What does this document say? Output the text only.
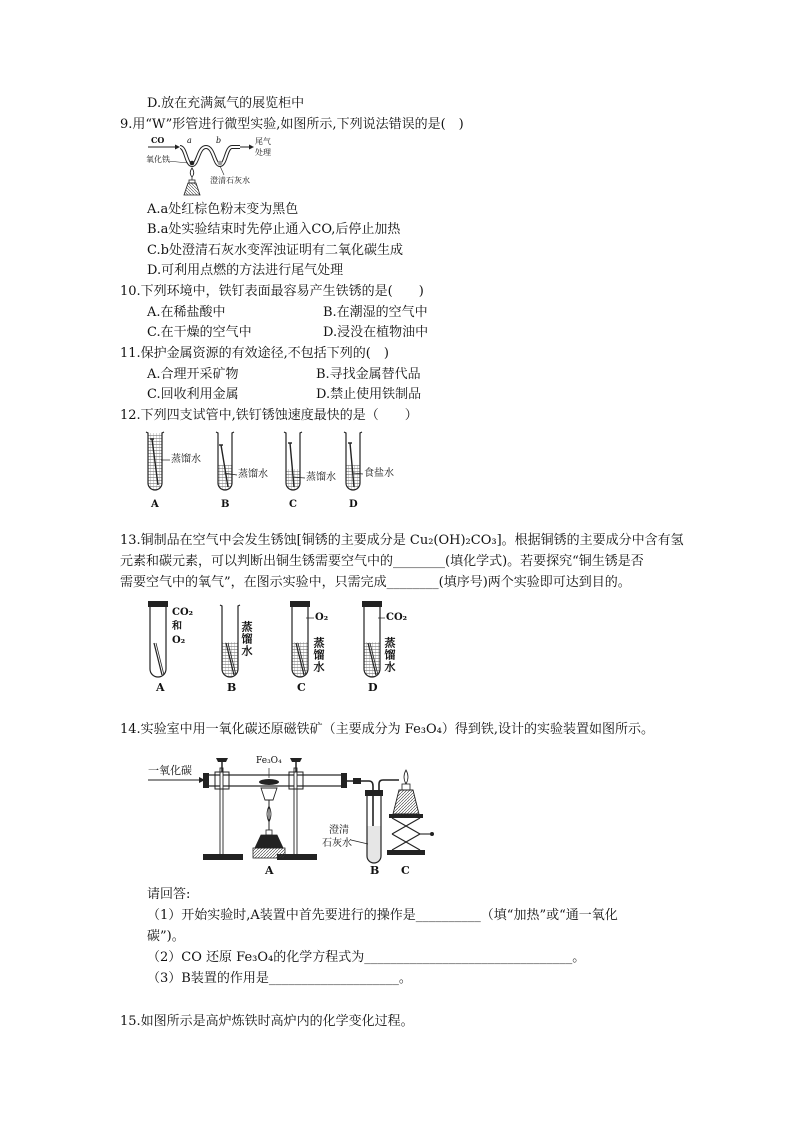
D.放在充满氮气的展览柜中
9.用“W”形管进行微型实验,如图所示,下列说法错误的是(　)
CO	a	b	尾气
处理
氧化铁
澄清石灰水
A.a处红棕色粉末变为黑色
B.a处实验结束时先停止通入CO,后停止加热
C.b处澄清石灰水变浑浊证明有二氧化碳生成
D.可利用点燃的方法进行尾气处理
10.下列环境中，铁钉表面最容易产生铁锈的是(　　)
A.在稀盐酸中	B.在潮湿的空气中
C.在干燥的空气中	D.浸没在植物油中
11.保护金属资源的有效途径,不包括下列的(　)
A.合理开采矿物	B.寻找金属替代品
C.回收利用金属	D.禁止使用铁制品
12.下列四支试管中,铁钉锈蚀速度最快的是（　　）
蒸馏水
蒸馏水	蒸馏水	食盐水
A	B	C	D
13.铜制品在空气中会发生锈蚀[铜锈的主要成分是 Cu₂(OH)₂CO₃]。根据铜锈的主要成分中含有氢
元素和碳元素，可以判断出铜生锈需要空气中的________(填化学式)。若要探究“铜生锈是否
需要空气中的氧气”，在图示实验中，只需完成________(填序号)两个实验即可达到目的。
CO₂
和
O₂	蒸馏水
O₂
蒸馏水
CO₂
蒸馏水
A	B	C	D
14.实验室中用一氧化碳还原磁铁矿（主要成分为 Fe₃O₄）得到铁,设计的实验装置如图所示。
一氧化碳
Fe₃O₄
澄清
石灰水
A	B C
请回答:
（1）开始实验时,A装置中首先要进行的操作是__________（填“加热”或“通一氧化
碳”)。
（2）CO 还原 Fe₃O₄的化学方程式为________________________________。
（3）B装置的作用是____________________。
15.如图所示是高炉炼铁时高炉内的化学变化过程。
